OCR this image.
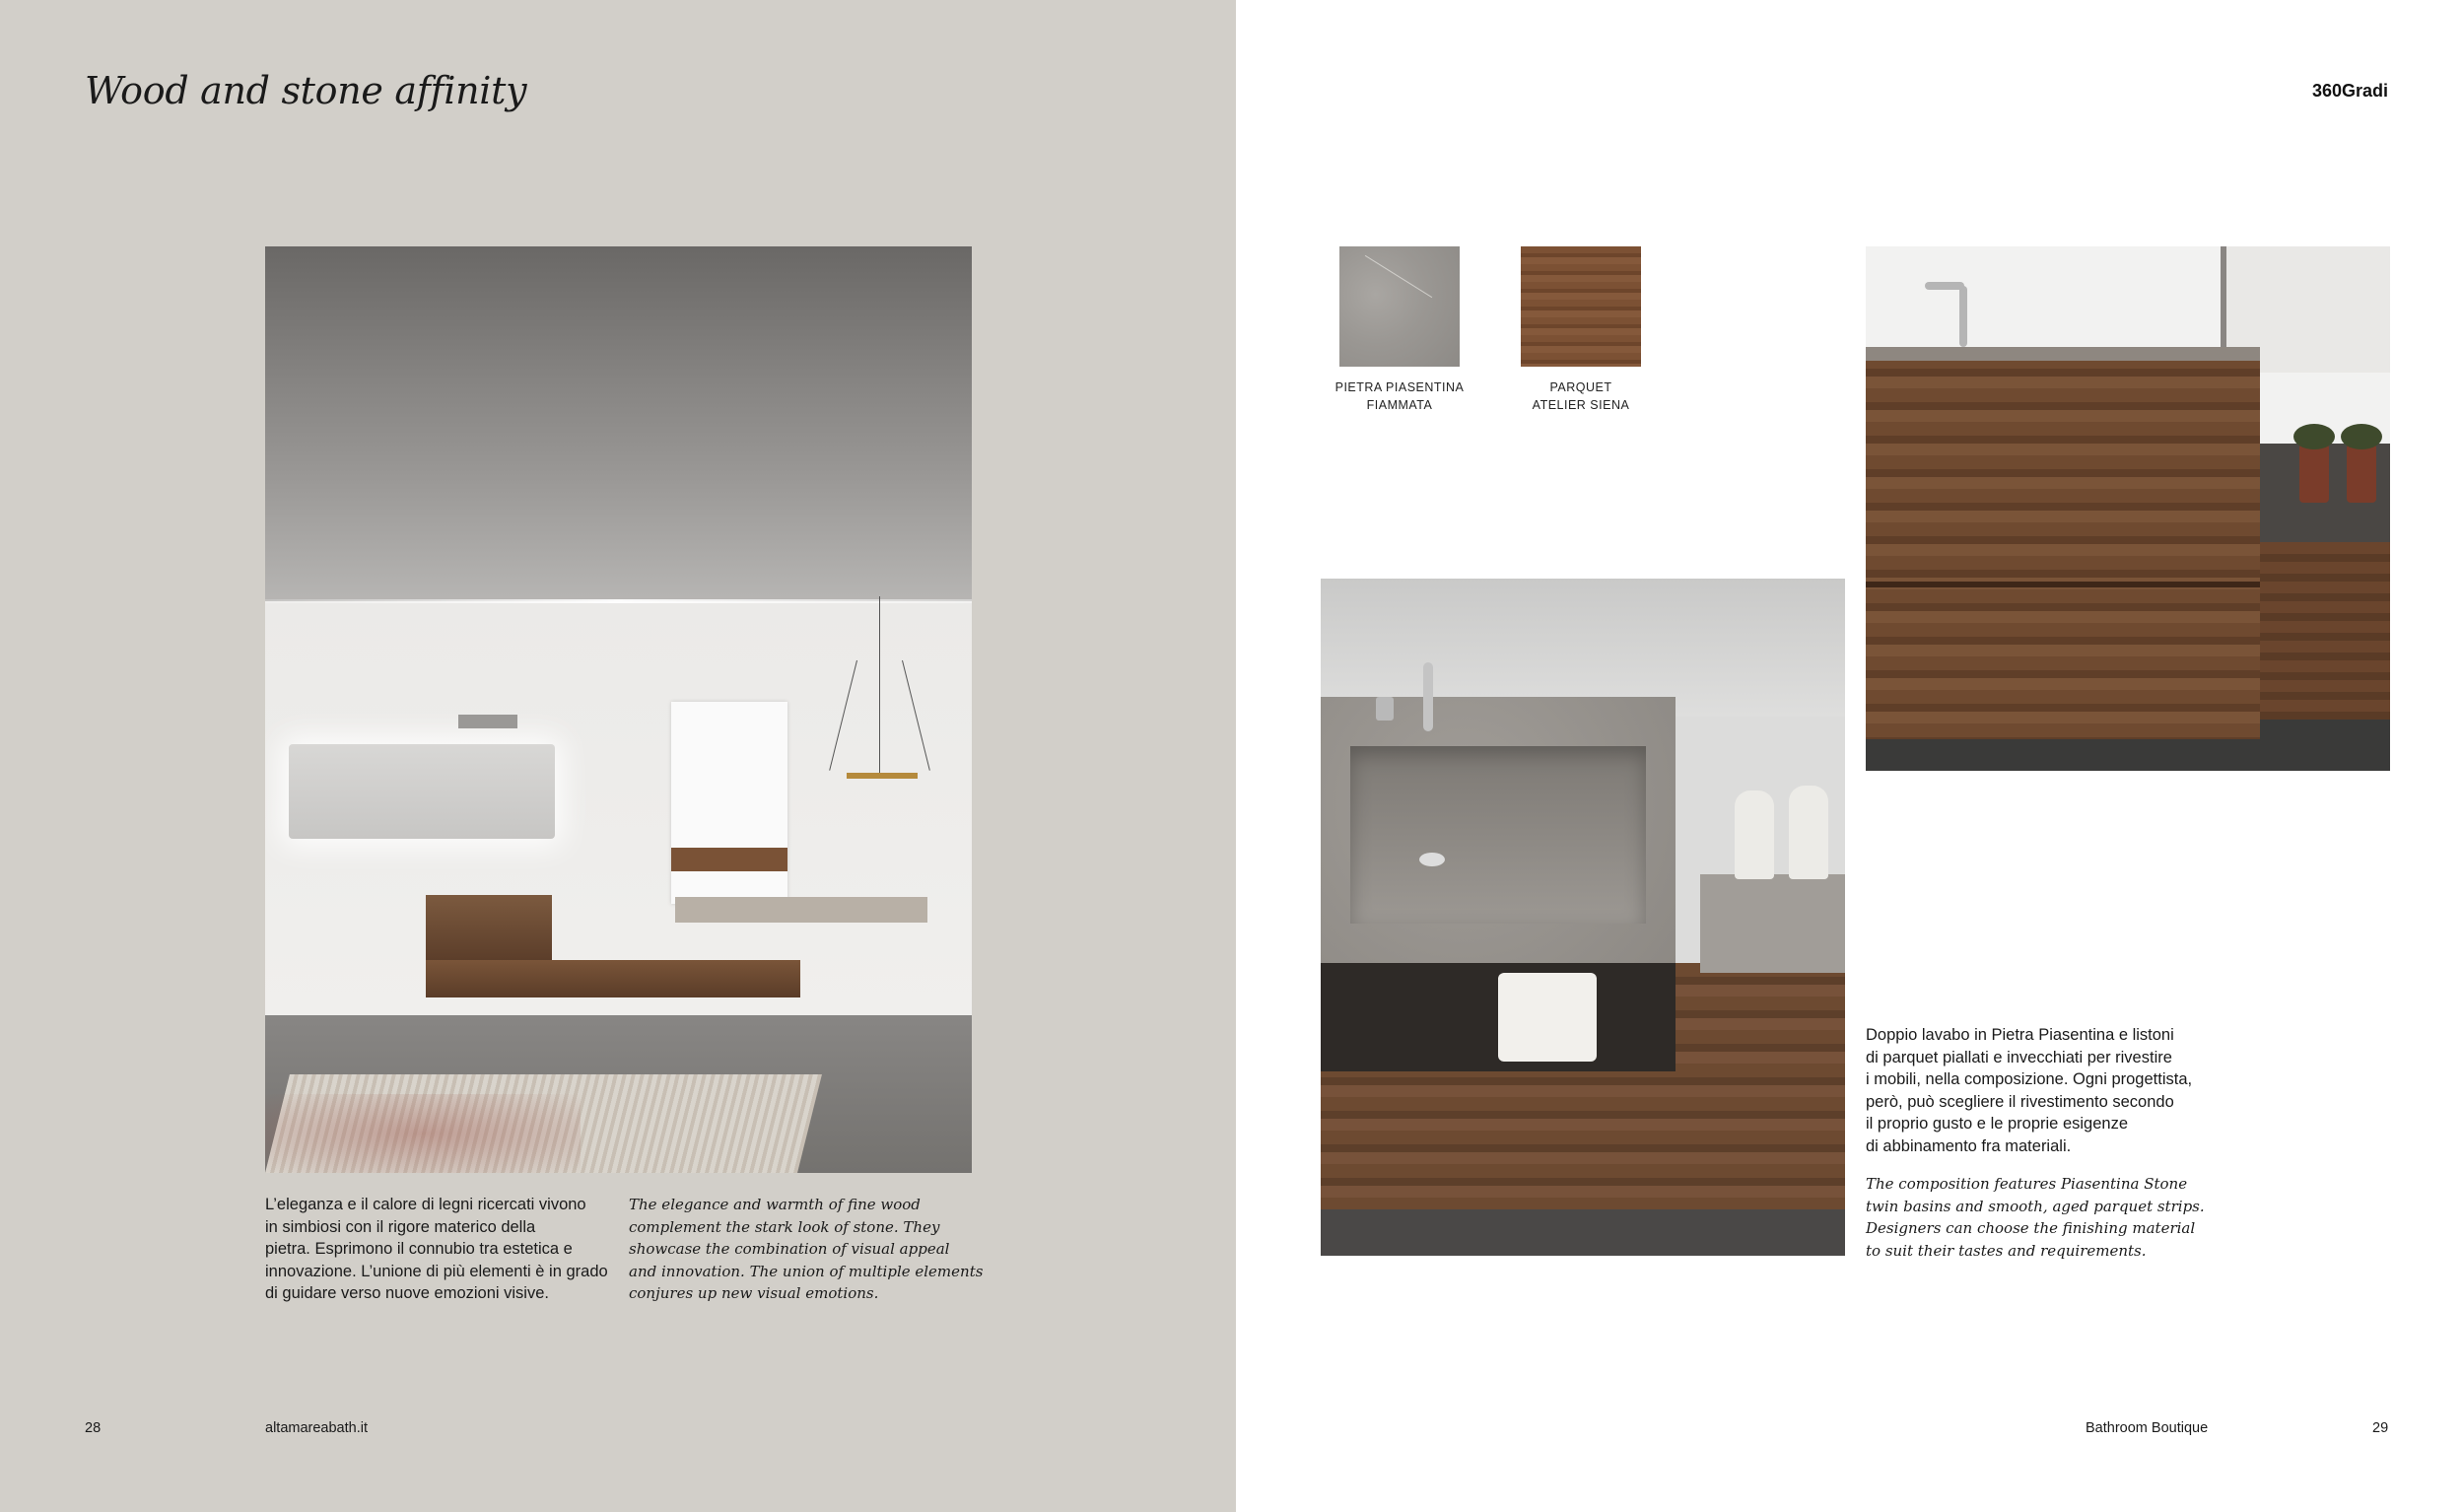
Wood and stone affinity	360Gradi
PIETRA PIASENTINA
FIAMMATA
PARQUET
ATELIER SIENA
L’eleganza e il calore di legni ricercati vivono
in simbiosi con il rigore materico della
pietra. Esprimono il connubio tra estetica e
innovazione. L’unione di più elementi è in grado
di guidare verso nuove emozioni visive.
The elegance and warmth of fine wood
complement the stark look of stone. They
showcase the combination of visual appeal
and innovation. The union of multiple elements
conjures up new visual emotions.
Doppio lavabo in Pietra Piasentina e listoni
di parquet piallati e invecchiati per rivestire
i mobili, nella composizione. Ogni progettista,
però, può scegliere il rivestimento secondo
il proprio gusto e le proprie esigenze
di abbinamento fra materiali.
The composition features Piasentina Stone
twin basins and smooth, aged parquet strips.
Designers can choose the finishing material
to suit their tastes and requirements.
28	altamareabath.it	Bathroom Boutique	29
